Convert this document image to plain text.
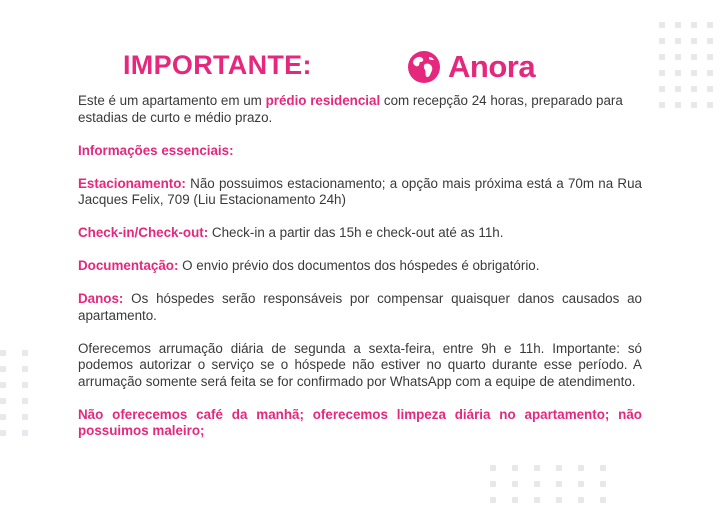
IMPORTANTE:	Anora

Este é um apartamento em um prédio residencial com recepção 24 horas, preparado para estadias de curto e médio prazo.

Informações essenciais:

Estacionamento: Não possuimos estacionamento; a opção mais próxima está a 70m na Rua Jacques Felix, 709 (Liu Estacionamento 24h)

Check-in/Check-out: Check-in a partir das 15h e check-out até as 11h.

Documentação: O envio prévio dos documentos dos hóspedes é obrigatório.

Danos: Os hóspedes serão responsáveis por compensar quaisquer danos causados ao apartamento.

Oferecemos arrumação diária de segunda a sexta-feira, entre 9h e 11h. Importante: só podemos autorizar o serviço se o hóspede não estiver no quarto durante esse período. A arrumação somente será feita se for confirmado por WhatsApp com a equipe de atendimento.

Não oferecemos café da manhã; oferecemos limpeza diária no apartamento; não possuimos maleiro;
